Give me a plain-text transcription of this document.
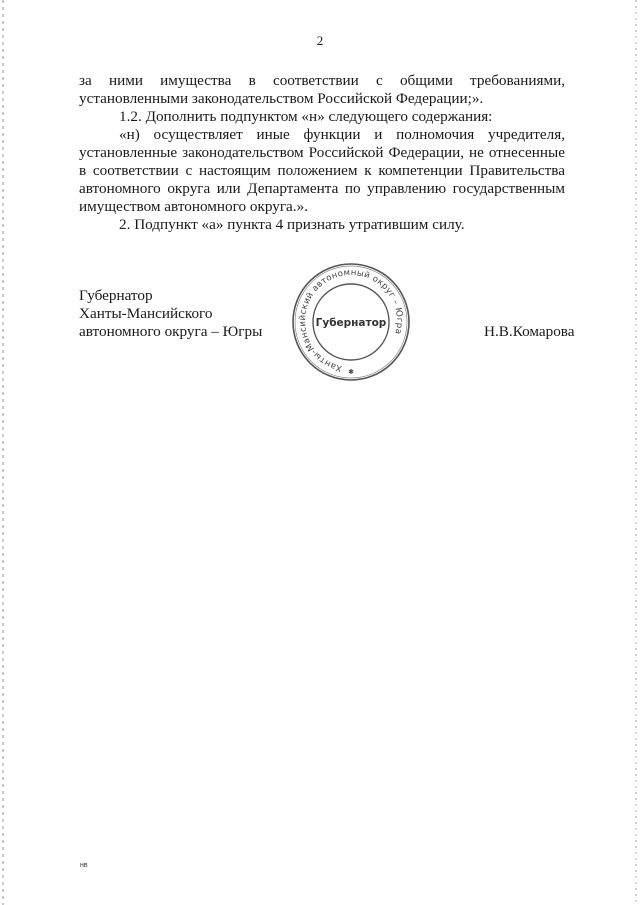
2

за ними имущества в соответствии с общими требованиями, установленными законодательством Российской Федерации;».

1.2. Дополнить подпунктом «н» следующего содержания:

«н) осуществляет иные функции и полномочия учредителя, установленные законодательством Российской Федерации, не отнесенные в соответствии с настоящим положением к компетенции Правительства автономного округа или Департамента по управлению государственным имуществом автономного округа.».

2. Подпункт «а» пункта 4 признать утратившим силу.

Губернатор
Ханты-Мансийского
автономного округа – Югры
Ханты-Мансийский автономный округ – Югра
Губернатор
✱
Н.В.Комарова
нв
